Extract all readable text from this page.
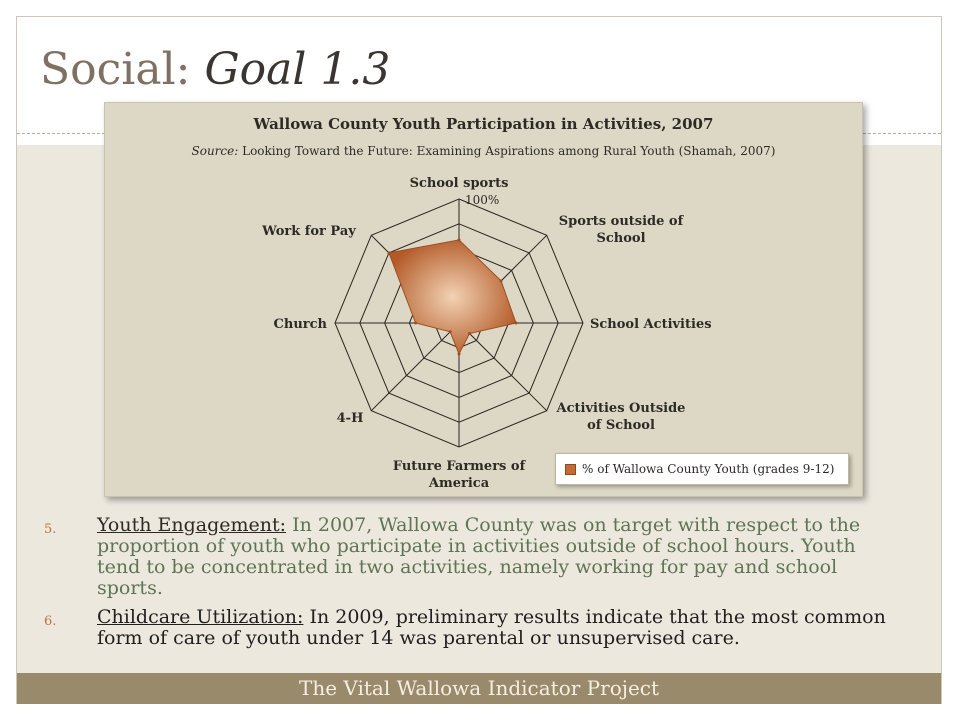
Social: Goal 1.3
School sports
Sports outside of School
School Activities
Activities Outside of School
Future Farmers of America
4-H
Church
Work for Pay
100%
Wallowa County Youth Participation in Activities, 2007
Source: Looking Toward the Future: Examining Aspirations among Rural Youth (Shamah, 2007)
% of Wallowa County Youth (grades 9-12)
5. Youth Engagement: In 2007, Wallowa County was on target with respect to the proportion of youth who participate in activities outside of school hours. Youth tend to be concentrated in two activities, namely working for pay and school sports.
6. Childcare Utilization: In 2009, preliminary results indicate that the most common form of care of youth under 14 was parental or unsupervised care.
The Vital Wallowa Indicator Project
